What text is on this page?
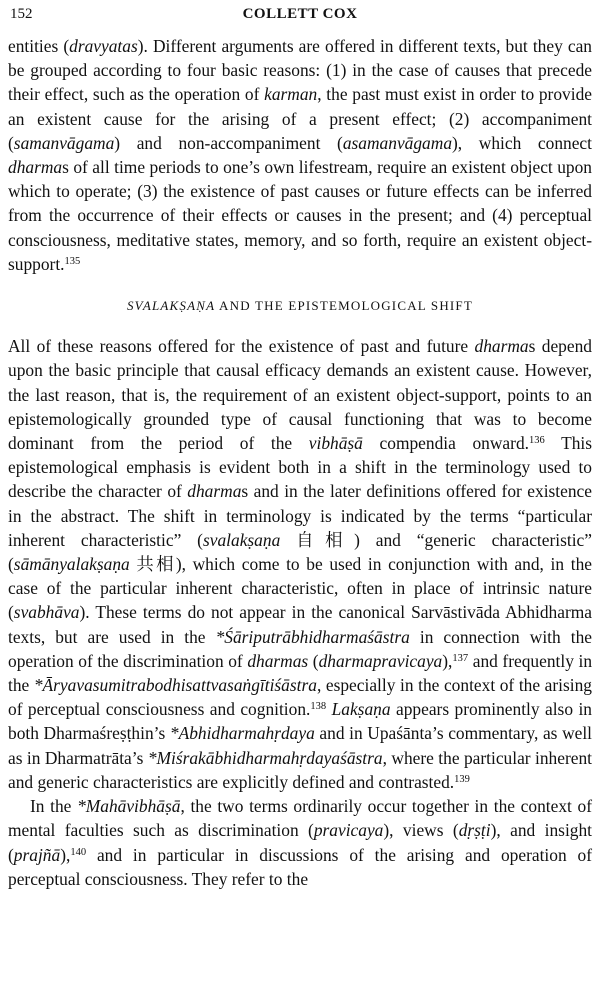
152	COLLETT COX

entities (dravyatas). Different arguments are offered in different texts, but they can be grouped according to four basic reasons: (1) in the case of causes that precede their effect, such as the operation of karman, the past must exist in order to provide an existent cause for the arising of a present effect; (2) accompaniment (samanvāgama) and non-accompaniment (asamanvāgama), which connect dharmas of all time periods to one’s own lifestream, require an existent object upon which to operate; (3) the existence of past causes or future effects can be inferred from the occurrence of their effects or causes in the present; and (4) perceptual consciousness, meditative states, memory, and so forth, require an existent object-support.$^{135}$

SVALAKṢAṆA AND THE EPISTEMOLOGICAL SHIFT

All of these reasons offered for the existence of past and future dharmas depend upon the basic principle that causal efficacy demands an existent cause. However, the last reason, that is, the requirement of an existent object-support, points to an epistemologically grounded type of causal functioning that was to become dominant from the period of the vibhāṣā compendia onward.$^{136}$ This epistemological emphasis is evident both in a shift in the terminology used to describe the character of dharmas and in the later definitions offered for existence in the abstract. The shift in terminology is indicated by the terms “particular inherent characteristic” (svalakṣaṇa 自相) and “generic characteristic” (sāmānyalakṣaṇa 共相), which come to be used in conjunction with and, in the case of the particular inherent characteristic, often in place of intrinsic nature (svabhāva). These terms do not appear in the canonical Sarvāstivāda Abhidharma texts, but are used in the *Śāriputrābhidharmaśāstra in connection with the operation of the discrimination of dharmas (dharmapravicaya),$^{137}$ and frequently in the *Āryavasumitrabodhisattvasaṅgītiśāstra, especially in the context of the arising of perceptual consciousness and cognition.$^{138}$ Lakṣaṇa appears prominently also in both Dharmaśreṣṭhin’s *Abhidharmahṛdaya and in Upaśānta’s commentary, as well as in Dharmatrāta’s *Miśrakābhidharmahṛdayaśāstra, where the particular inherent and generic characteristics are explicitly defined and contrasted.$^{139}$

In the *Mahāvibhāṣā, the two terms ordinarily occur together in the context of mental faculties such as discrimination (pravicaya), views (dṛṣṭi), and insight (prajñā),$^{140}$ and in particular in discussions of the arising and operation of perceptual consciousness. They refer to the
